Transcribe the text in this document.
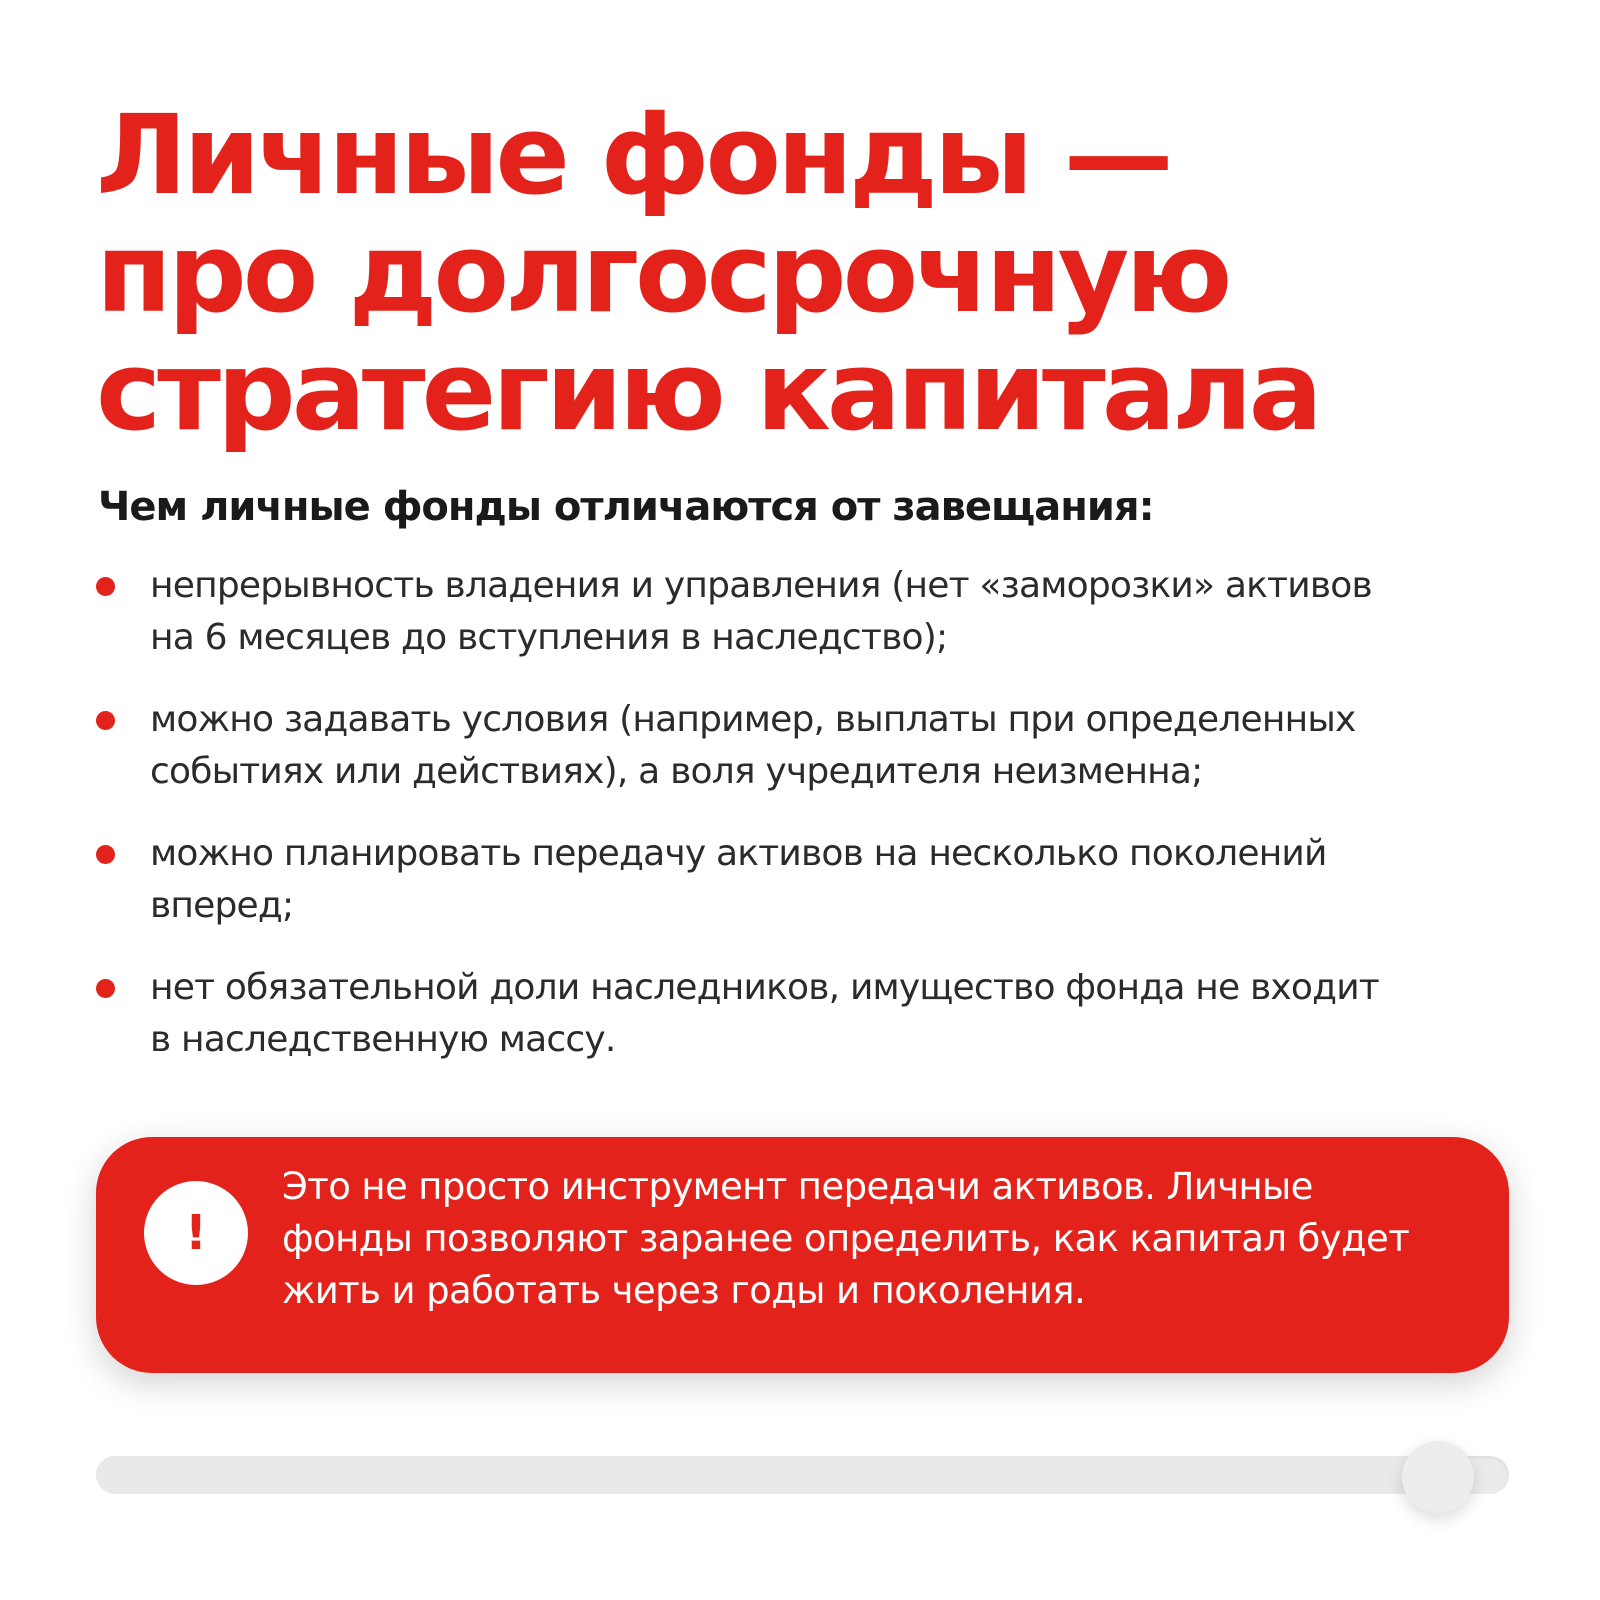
Личные фонды —
про долгосрочную
стратегию капитала
Чем личные фонды отличаются от завещания:
непрерывность владения и управления (нет «заморозки» активов
на 6 месяцев до вступления в наследство);
можно задавать условия (например, выплаты при определенных
событиях или действиях), а воля учредителя неизменна;
можно планировать передачу активов на несколько поколений
вперед;
нет обязательной доли наследников, имущество фонда не входит
в наследственную массу.
!

Это не просто инструмент передачи активов. Личные
фонды позволяют заранее определить, как капитал будет
жить и работать через годы и поколения.
